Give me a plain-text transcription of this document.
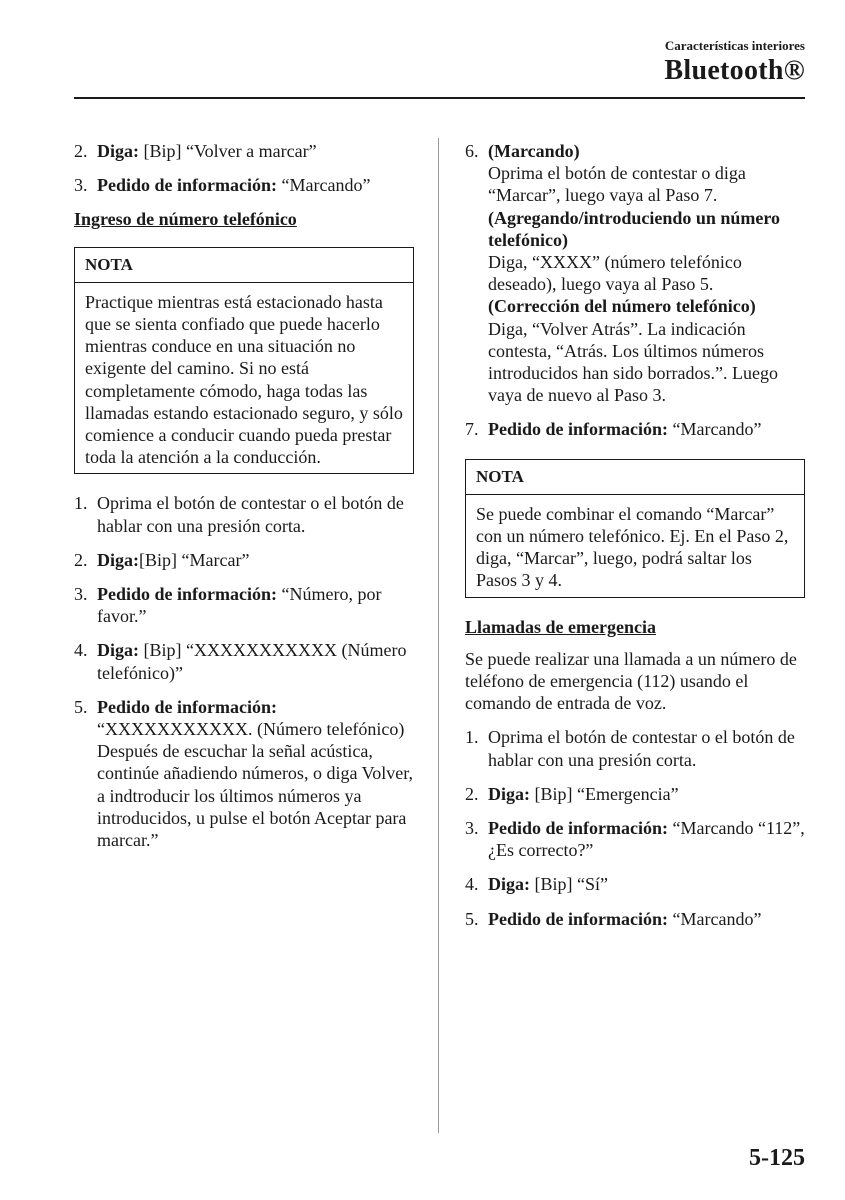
Características interiores
Bluetooth®
2. Diga: [Bip] “Volver a marcar”
3. Pedido de información: “Marcando”
Ingreso de número telefónico
NOTA
Practique mientras está estacionado hasta que se sienta confiado que puede hacerlo mientras conduce en una situación no exigente del camino. Si no está completamente cómodo, haga todas las llamadas estando estacionado seguro, y sólo comience a conducir cuando pueda prestar toda la atención a la conducción.
1. Oprima el botón de contestar o el botón de hablar con una presión corta.
2. Diga:[Bip] “Marcar”
3. Pedido de información: “Número, por favor.”
4. Diga: [Bip] “XXXXXXXXXXX (Número telefónico)”
5. Pedido de información: “XXXXXXXXXXX. (Número telefónico) Después de escuchar la señal acústica, continúe añadiendo números, o diga Volver, a indtroducir los últimos números ya introducidos, u pulse el botón Aceptar para marcar.”
6. (Marcando)
Oprima el botón de contestar o diga “Marcar”, luego vaya al Paso 7.
(Agregando/introduciendo un número telefónico)
Diga, “XXXX” (número telefónico deseado), luego vaya al Paso 5.
(Corrección del número telefónico)
Diga, “Volver Atrás”. La indicación contesta, “Atrás. Los últimos números introducidos han sido borrados.”. Luego vaya de nuevo al Paso 3.
7. Pedido de información: “Marcando”
NOTA
Se puede combinar el comando “Marcar” con un número telefónico. Ej. En el Paso 2, diga, “Marcar”, luego, podrá saltar los Pasos 3 y 4.
Llamadas de emergencia
Se puede realizar una llamada a un número de teléfono de emergencia (112) usando el comando de entrada de voz.
1. Oprima el botón de contestar o el botón de hablar con una presión corta.
2. Diga: [Bip] “Emergencia”
3. Pedido de información: “Marcando “112”, ¿Es correcto?”
4. Diga: [Bip] “Sí”
5. Pedido de información: “Marcando”
5-125
